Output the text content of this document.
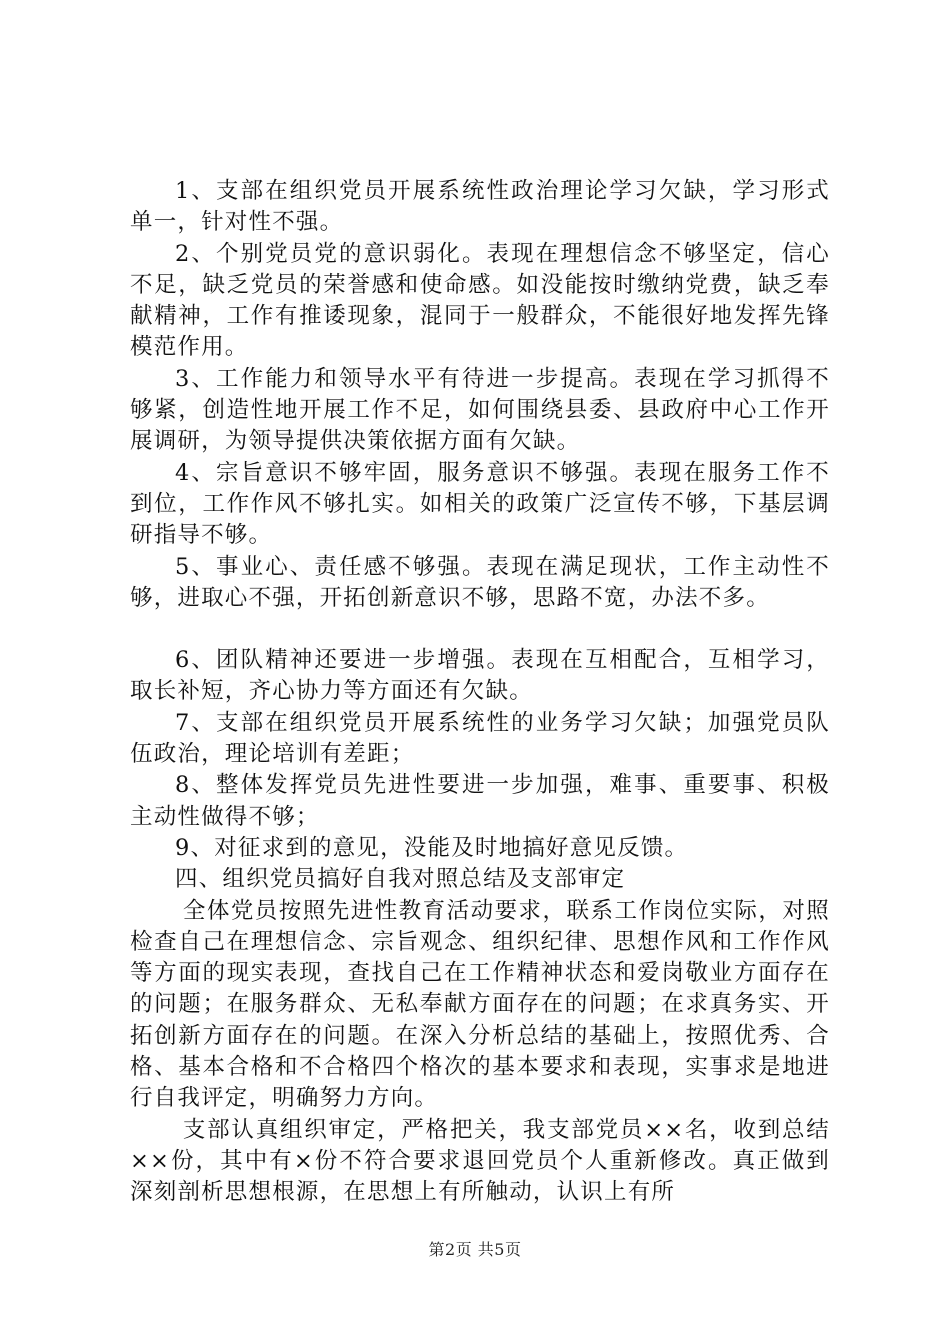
1、支部在组织党员开展系统性政治理论学习欠缺，学习形式单一，针对性不强。

2、个别党员党的意识弱化。表现在理想信念不够坚定，信心不足，缺乏党员的荣誉感和使命感。如没能按时缴纳党费，缺乏奉献精神，工作有推诿现象，混同于一般群众，不能很好地发挥先锋模范作用。

3、工作能力和领导水平有待进一步提高。表现在学习抓得不够紧，创造性地开展工作不足，如何围绕县委、县政府中心工作开展调研，为领导提供决策依据方面有欠缺。

4、宗旨意识不够牢固，服务意识不够强。表现在服务工作不到位，工作作风不够扎实。如相关的政策广泛宣传不够，下基层调研指导不够。

5、事业心、责任感不够强。表现在满足现状，工作主动性不够，进取心不强，开拓创新意识不够，思路不宽，办法不多。

6、团队精神还要进一步增强。表现在互相配合，互相学习，取长补短，齐心协力等方面还有欠缺。

7、支部在组织党员开展系统性的业务学习欠缺；加强党员队伍政治，理论培训有差距；

8、整体发挥党员先进性要进一步加强，难事、重要事、积极主动性做得不够；

9、对征求到的意见，没能及时地搞好意见反馈。

四、组织党员搞好自我对照总结及支部审定

全体党员按照先进性教育活动要求，联系工作岗位实际，对照检查自己在理想信念、宗旨观念、组织纪律、思想作风和工作作风等方面的现实表现，查找自己在工作精神状态和爱岗敬业方面存在的问题；在服务群众、无私奉献方面存在的问题；在求真务实、开拓创新方面存在的问题。在深入分析总结的基础上，按照优秀、合格、基本合格和不合格四个格次的基本要求和表现，实事求是地进行自我评定，明确努力方向。

支部认真组织审定，严格把关，我支部党员××名，收到总结××份，其中有×份不符合要求退回党员个人重新修改。真正做到深刻剖析思想根源，在思想上有所触动，认识上有所

第2页 共5页
